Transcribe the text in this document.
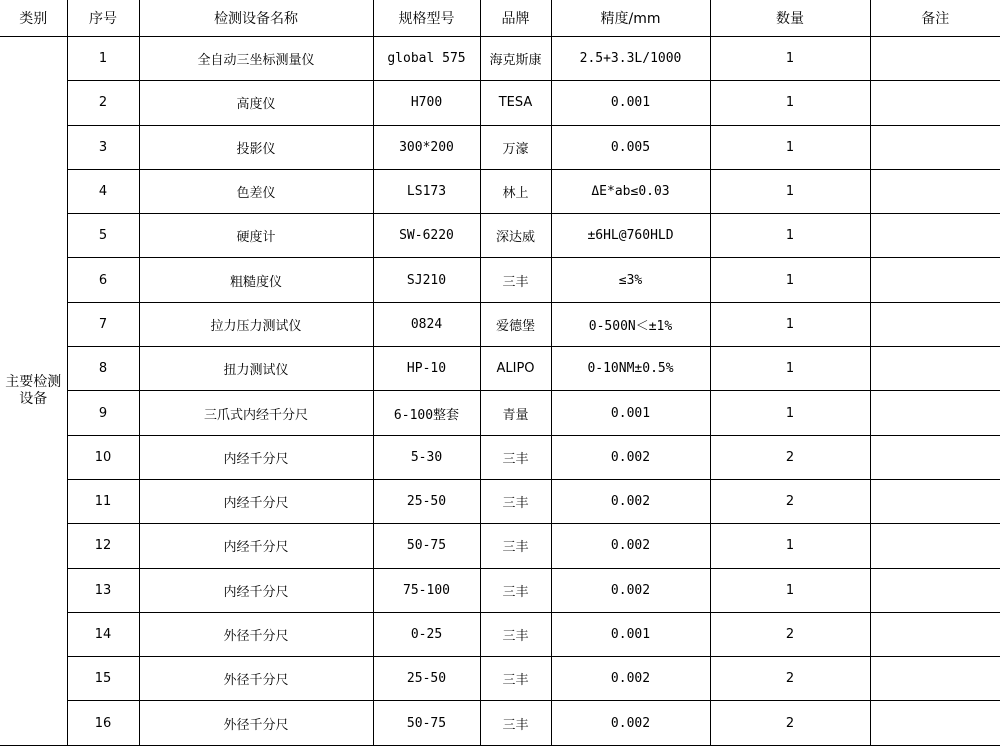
类别	序号	检测设备名称	规格型号	品牌	精度/mm	数量	备注

主要检测
设备	1	全自动三坐标测量仪	global 575	海克斯康	2.5+3.3L/1000	1	
	2	高度仪	H700	TESA	0.001	1	
	3	投影仪	300*200	万濠	0.005	1	
	4	色差仪	LS173	林上	ΔE*ab≤0.03	1	
	5	硬度计	SW-6220	深达威	±6HL@760HLD	1	
	6	粗糙度仪	SJ210	三丰	≤3%	1	
	7	拉力压力测试仪	0824	爱德堡	0-500N＜±1%	1	
	8	扭力测试仪	HP-10	ALIPO	0-10NM±0.5%	1	
	9	三爪式内经千分尺	6-100整套	青量	0.001	1	
	10	内经千分尺	5-30	三丰	0.002	2	
	11	内经千分尺	25-50	三丰	0.002	2	
	12	内经千分尺	50-75	三丰	0.002	1	
	13	内经千分尺	75-100	三丰	0.002	1	
	14	外径千分尺	0-25	三丰	0.001	2	
	15	外径千分尺	25-50	三丰	0.002	2	
	16	外径千分尺	50-75	三丰	0.002	2	
